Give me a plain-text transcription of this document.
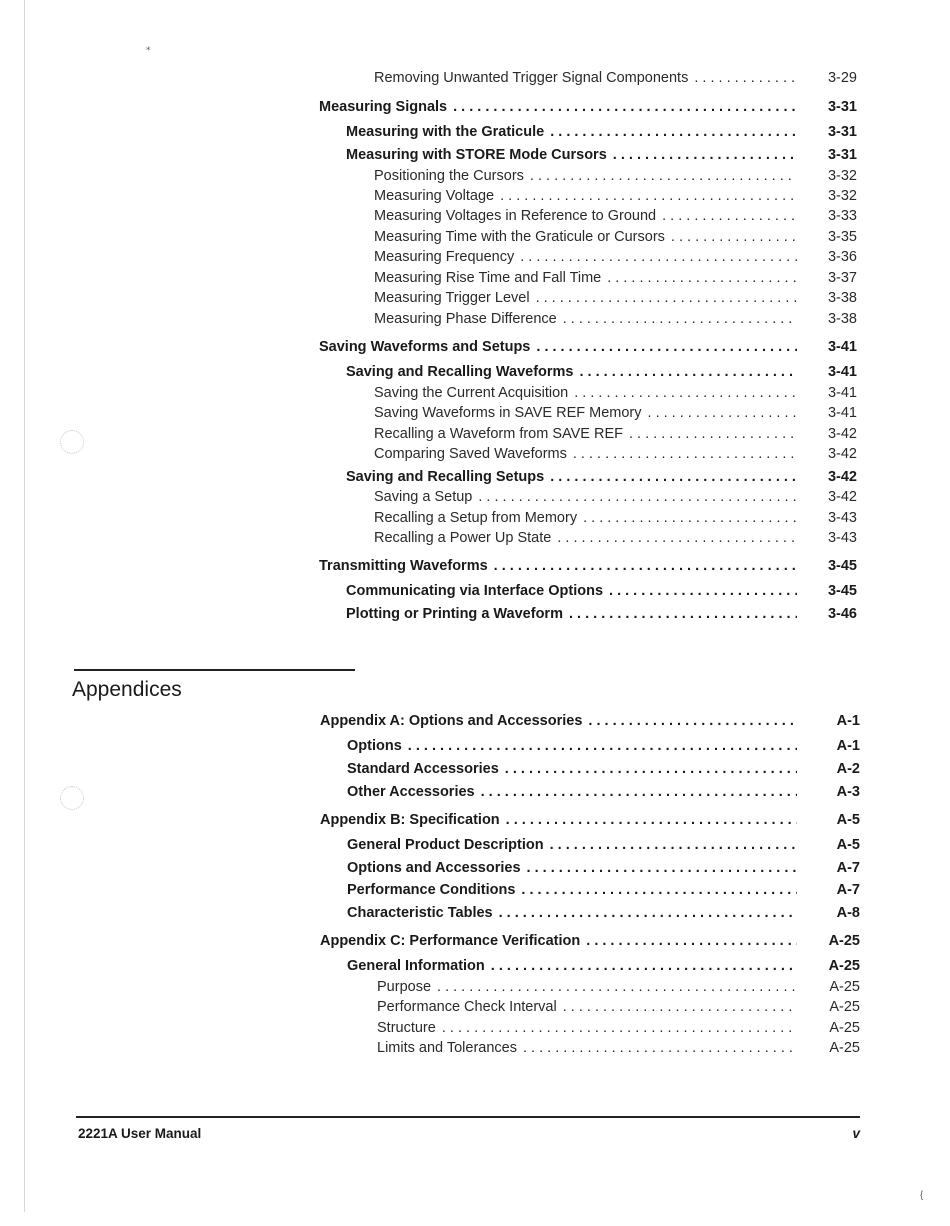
⁎
Removing Unwanted Trigger Signal Components . . .	3-29
Measuring Signals . . .	3-31
Measuring with the Graticule . . .	3-31
Measuring with STORE Mode Cursors . . .	3-31
Positioning the Cursors . . .	3-32
Measuring Voltage . . .	3-32
Measuring Voltages in Reference to Ground . . .	3-33
Measuring Time with the Graticule or Cursors . . .	3-35
Measuring Frequency . . .	3-36
Measuring Rise Time and Fall Time . . .	3-37
Measuring Trigger Level . . .	3-38
Measuring Phase Difference . . .	3-38
Saving Waveforms and Setups . . .	3-41
Saving and Recalling Waveforms . . .	3-41
Saving the Current Acquisition . . .	3-41
Saving Waveforms in SAVE REF Memory . . .	3-41
Recalling a Waveform from SAVE REF . . .	3-42
Comparing Saved Waveforms . . .	3-42
Saving and Recalling Setups . . .	3-42
Saving a Setup . . .	3-42
Recalling a Setup from Memory . . .	3-43
Recalling a Power Up State . . .	3-43
Transmitting Waveforms . . .	3-45
Communicating via Interface Options . . .	3-45
Plotting or Printing a Waveform . . .	3-46
Appendices
Appendix A: Options and Accessories . . .	A-1
Options . . .	A-1
Standard Accessories . . .	A-2
Other Accessories . . .	A-3
Appendix B: Specification . . .	A-5
General Product Description . . .	A-5
Options and Accessories . . .	A-7
Performance Conditions . . .	A-7
Characteristic Tables . . .	A-8
Appendix C: Performance Verification . . .	A-25
General Information . . .	A-25
Purpose . . .	A-25
Performance Check Interval . . .	A-25
Structure . . .	A-25
Limits and Tolerances . . .	A-25
2221A User Manual	v
{
